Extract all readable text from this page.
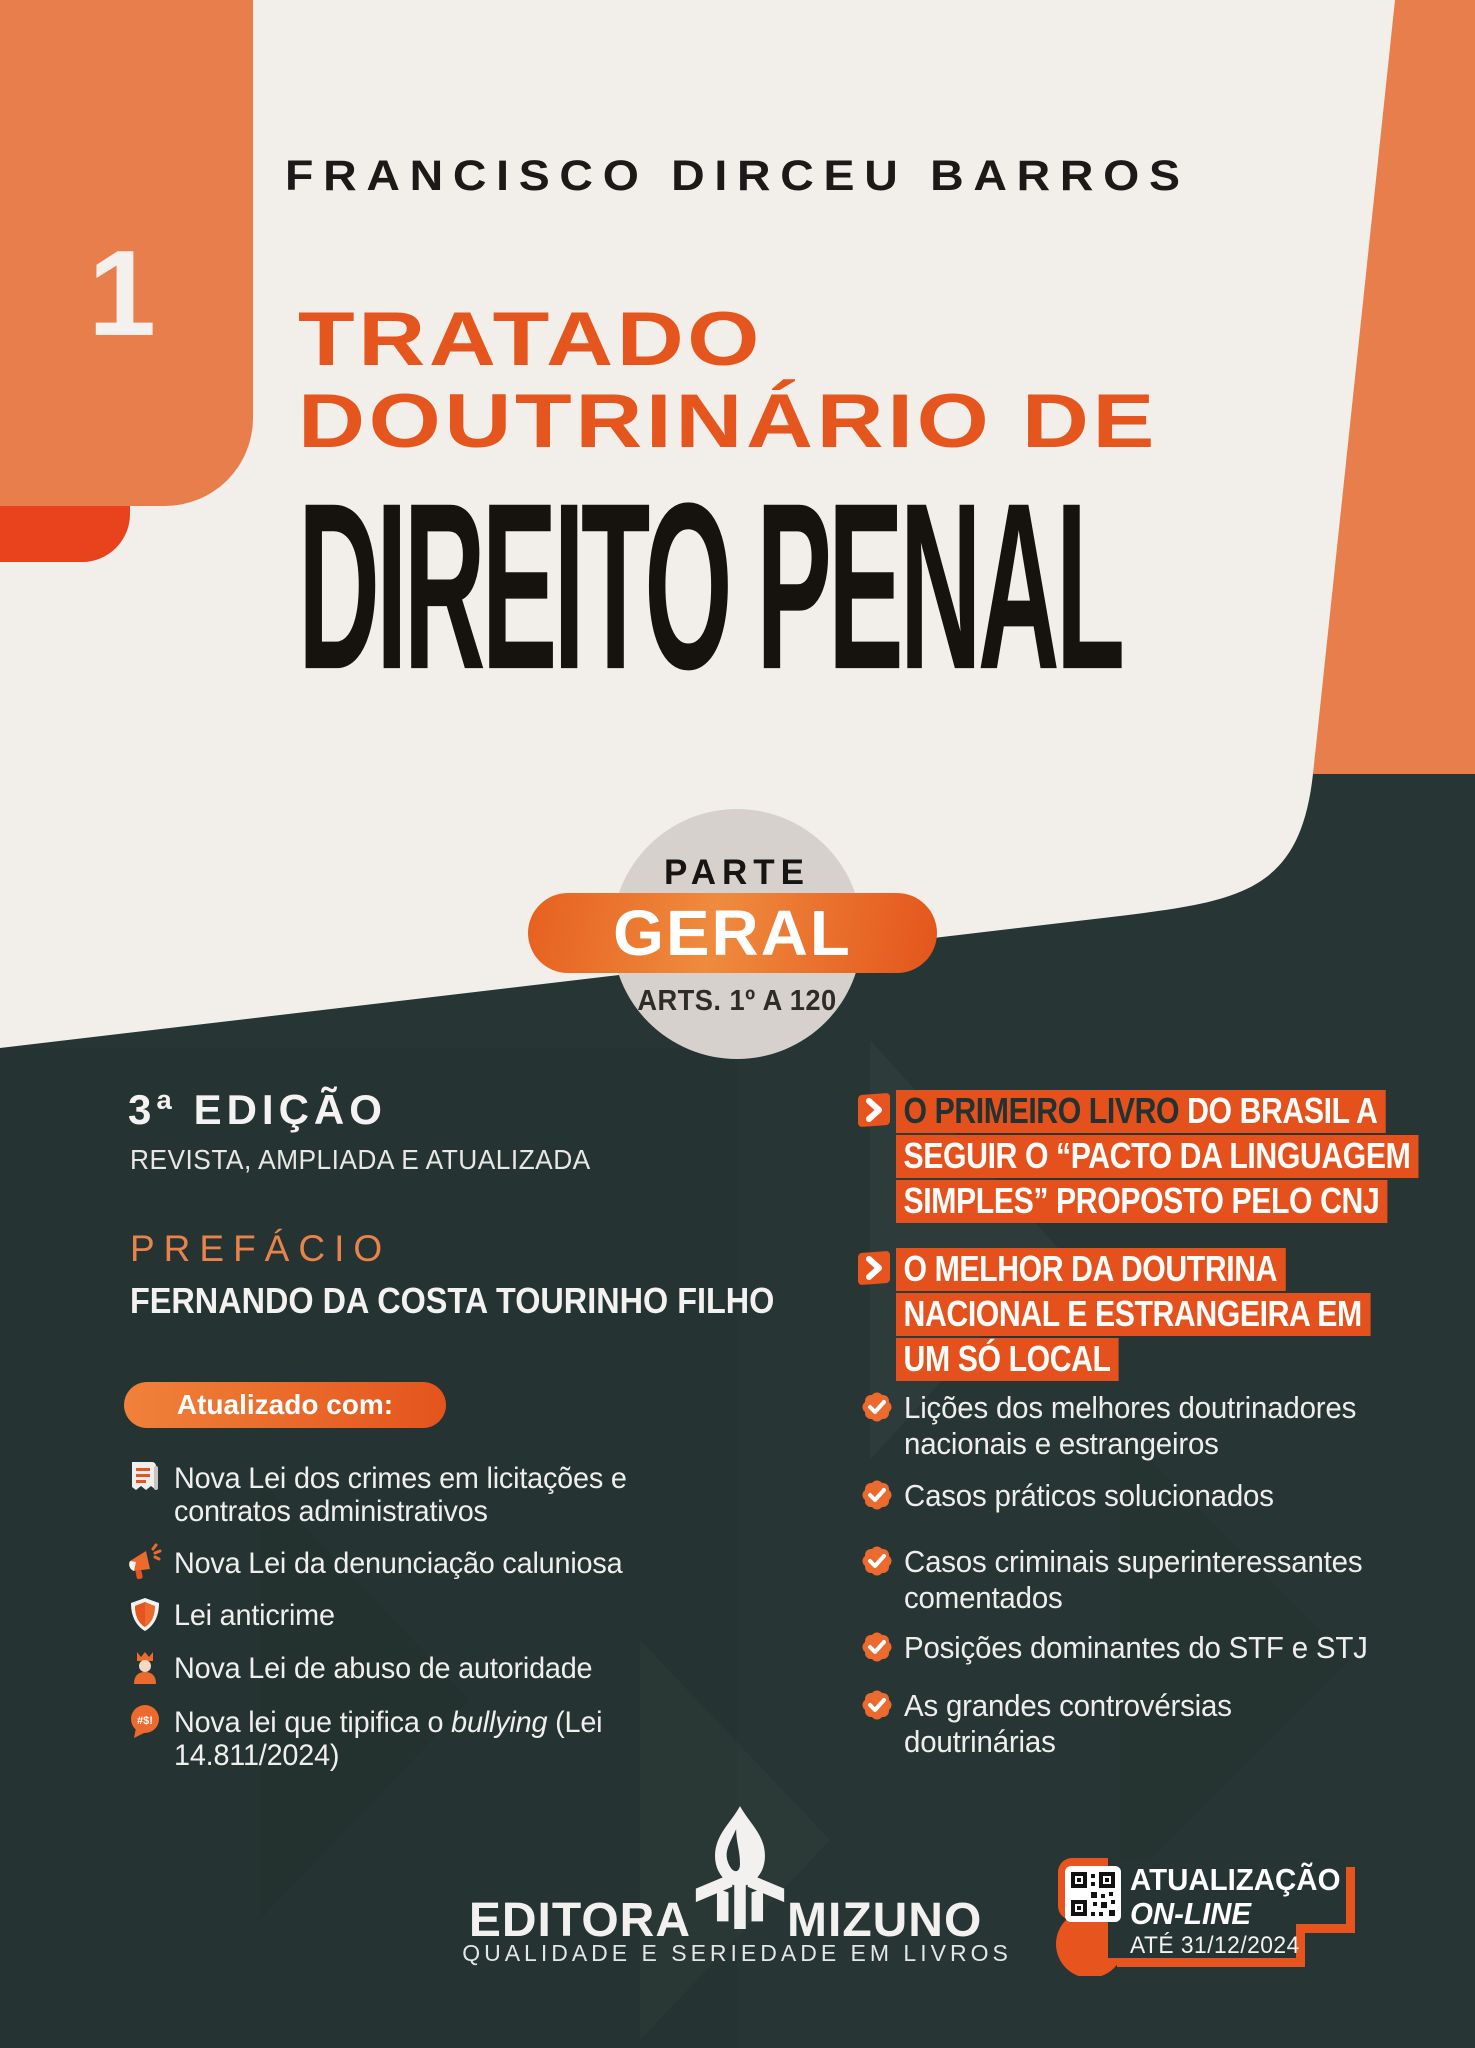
1
FRANCISCO DIRCEU BARROS
TRATADO
DOUTRINÁRIO DE
DIREITO PENAL
PARTE
GERAL
ARTS. 1º A 120
3ª EDIÇÃO
REVISTA, AMPLIADA E ATUALIZADA
PREFÁCIO
FERNANDO DA COSTA TOURINHO FILHO
Atualizado com:
Nova Lei dos crimes em licitações e contratos administrativos
Nova Lei da denunciação caluniosa
Lei anticrime
Nova Lei de abuso de autoridade
#$! Nova lei que tipifica o bullying (Lei 14.811/2024)
O PRIMEIRO LIVRO DO BRASIL A
SEGUIR O “PACTO DA LINGUAGEM
SIMPLES” PROPOSTO PELO CNJ
O MELHOR DA DOUTRINA
NACIONAL E ESTRANGEIRA EM
UM SÓ LOCAL
Lições dos melhores doutrinadores
nacionais e estrangeiros
Casos práticos solucionados
Casos criminais superinteressantes
comentados
Posições dominantes do STF e STJ
As grandes controvérsias
doutrinárias
EDITORA MIZUNO
QUALIDADE E SERIEDADE EM LIVROS
ATUALIZAÇÃO
ON-LINE
ATÉ 31/12/2024
